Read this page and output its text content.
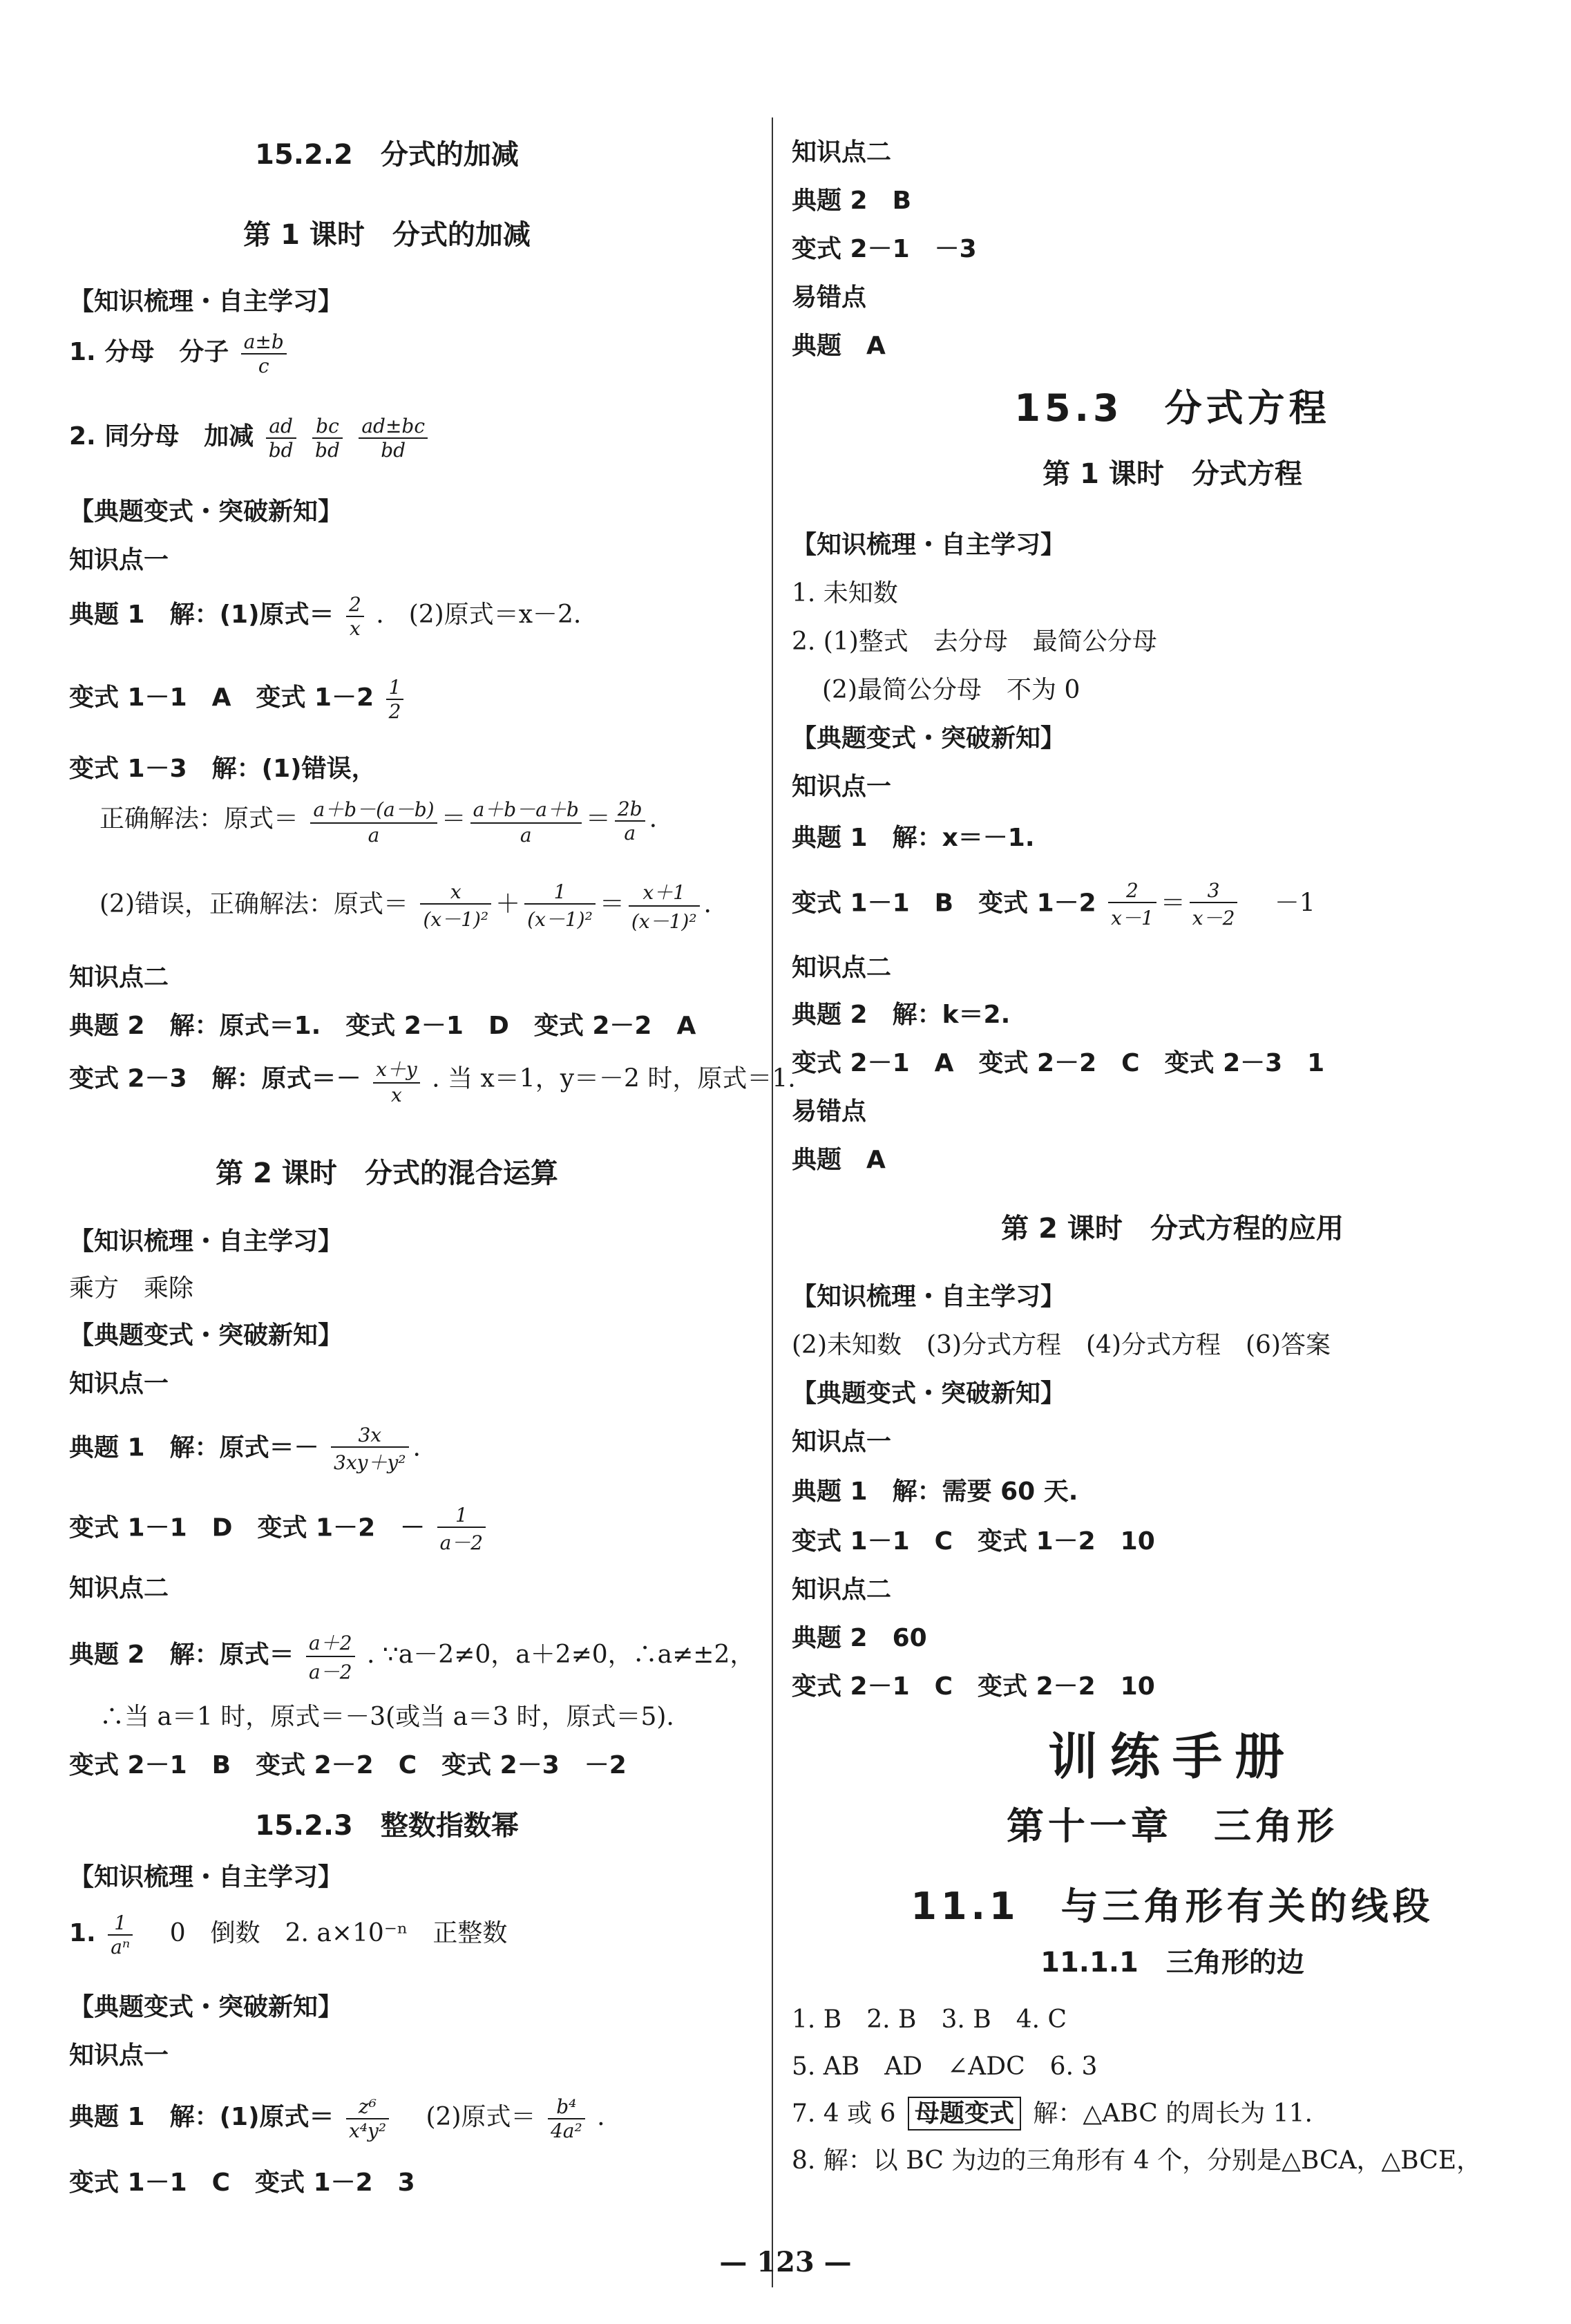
15.2.2　分式的加减
第 1 课时　分式的加减
【知识梳理・自主学习】
1. 分母　分子 $\frac{a\pm b}{c}$
2. 同分母　加减 $\frac{ad}{bd}$
$\frac{bc}{bd}$
$\frac{ad\pm bc}{bd}$
【典题变式・突破新知】
知识点一
典题 1　解：(1)原式＝ $\frac{2}{x}$ .　(2)原式＝x－2.
变式 1－1　A　变式 $1-2 \frac{1}{2}$
变式 1－3　解：(1)错误，
正确解法：原式＝ $\frac{a+b-(a-b)}{a} = \frac{a+b-a+b}{a} = \frac{2b}{a}$ .
(2)错误，正确解法：原式＝ $\frac{x}{\text{(x－1)²}} + \frac{1}{\text{(x－1)²}} = \frac{x+1}{\text{(x－1)²}}$ .
知识点二
典题 2　解：原式＝1.　变式 2－1　D　变式 2－2　A
变式 2－3　解：原式＝－ $\frac{x+y}{x}$ . 当 x＝1，y＝－2 时，原式＝1.
第 2 课时　分式的混合运算
【知识梳理・自主学习】
乘方　乘除
【典题变式・突破新知】
知识点一
典题 1　解：原式＝－ $\frac{3x}{\text{3xy＋y²}}$ .
变式 1－1　D　变式 1－2　－ $\frac{1}{a-2}$
知识点二
典题 2　解：原式＝ $\frac{a+2}{a-2}$ . ∵a－2≠0，a＋2≠0，∴a≠±2，
∴当 a＝1 时，原式＝－3(或当 a＝3 时，原式＝5).
变式 2－1　B　变式 2－2　C　变式 2－3　－2
15.2.3　整数指数幂
【知识梳理・自主学习】
1. $\frac{1}{\text{aⁿ}}$ 　0　倒数　2. a×10⁻ⁿ　正整数
【典题变式・突破新知】
知识点一
典题 1　解：(1)原式＝ $\frac{\text{z⁶}}{\text{x⁴y²}}$ 　(2)原式＝ $\frac{\text{b⁴}}{\text{4a²}}$ .
变式 1－1　C　变式 1－2　3
知识点二
典题 2　B
变式 2－1　－3
易错点
典题　A
15.3　分式方程
第 1 课时　分式方程
【知识梳理・自主学习】
1. 未知数
2. (1)整式　去分母　最简公分母
(2)最简公分母　不为 0
【典题变式・突破新知】
知识点一
典题 1　解：x＝－1.
变式 1－1　B　变式 $1-2 \frac{2}{x-1} = \frac{3}{x-2}$ 　－1
知识点二
典题 2　解：k＝2.
变式 2－1　A　变式 2－2　C　变式 2－3　1
易错点
典题　A
第 2 课时　分式方程的应用
【知识梳理・自主学习】
(2)未知数　(3)分式方程　(4)分式方程　(6)答案
【典题变式・突破新知】
知识点一
典题 1　解：需要 60 天.
变式 1－1　C　变式 1－2　10
知识点二
典题 2　60
变式 2－1　C　变式 2－2　10
训练手册
第十一章　三角形
11.1　与三角形有关的线段
11.1.1　三角形的边
1. B　2. B　3. B　4. C
5. AB　AD　∠ADC　6. 3
7. 4 或 6 母题变式 解：△ABC 的周长为 11.
8. 解：以 BC 为边的三角形有 4 个，分别是△BCA，△BCE，
— 123 —
